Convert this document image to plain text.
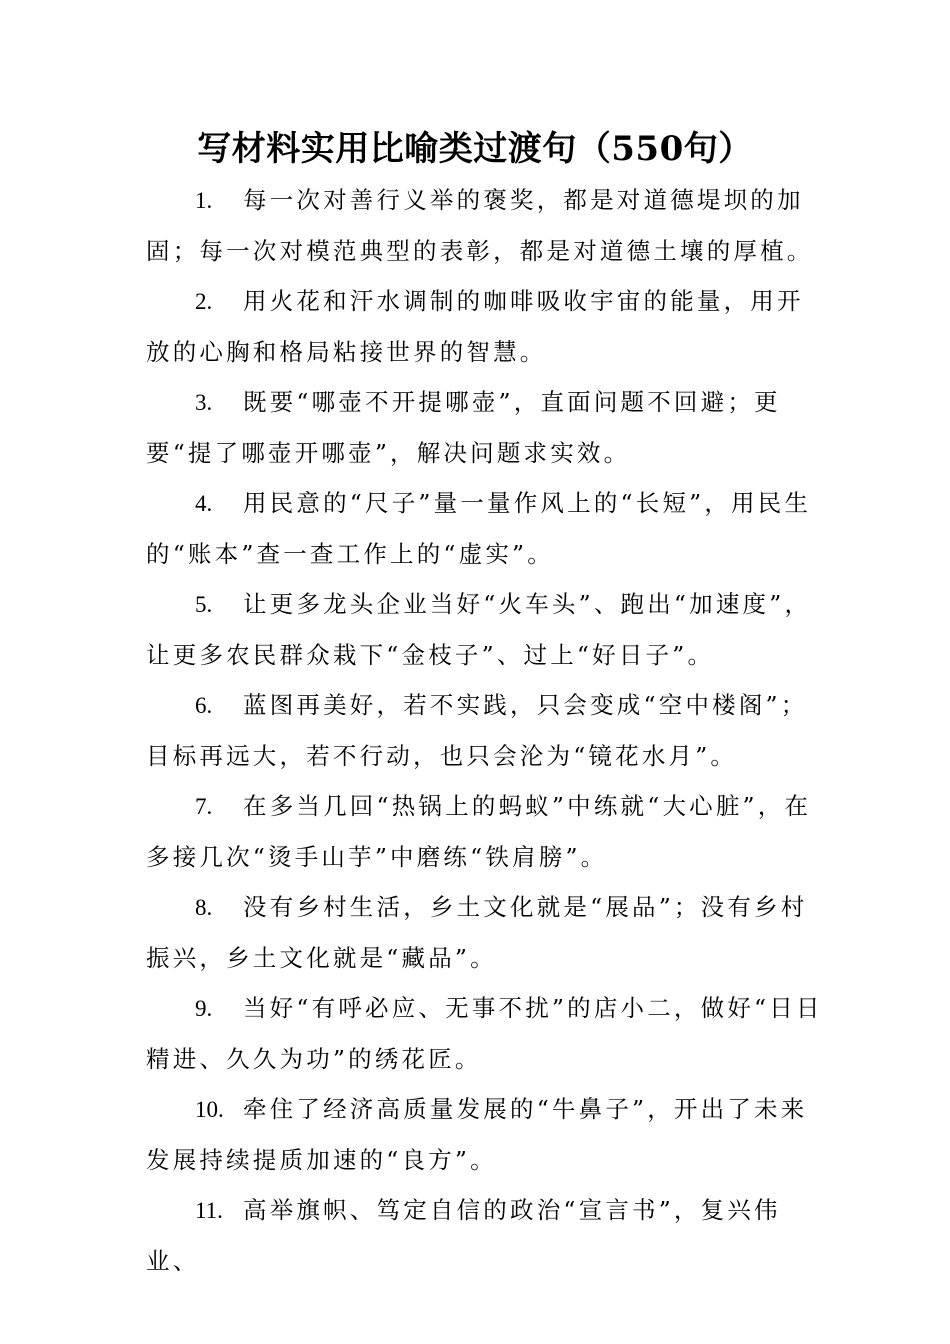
写材料实用比喻类过渡句（550句）

1. 每一次对善行义举的褒奖，都是对道德堤坝的加固；每一次对模范典型的表彰，都是对道德土壤的厚植。

2. 用火花和汗水调制的咖啡吸收宇宙的能量，用开放的心胸和格局粘接世界的智慧。

3. 既要“哪壶不开提哪壶”，直面问题不回避；更要“提了哪壶开哪壶”，解决问题求实效。

4. 用民意的“尺子”量一量作风上的“长短”，用民生的“账本”查一查工作上的“虚实”。

5. 让更多龙头企业当好“火车头”、跑出“加速度”，让更多农民群众栽下“金枝子”、过上“好日子”。

6. 蓝图再美好，若不实践，只会变成“空中楼阁”；目标再远大，若不行动，也只会沦为“镜花水月”。

7. 在多当几回“热锅上的蚂蚁”中练就“大心脏”，在多接几次“烫手山芋”中磨练“铁肩膀”。

8. 没有乡村生活，乡土文化就是“展品”；没有乡村振兴，乡土文化就是“藏品”。

9. 当好“有呼必应、无事不扰”的店小二，做好“日日精进、久久为功”的绣花匠。

10. 牵住了经济高质量发展的“牛鼻子”，开出了未来发展持续提质加速的“良方”。

11. 高举旗帜、笃定自信的政治“宣言书”，复兴伟业、
